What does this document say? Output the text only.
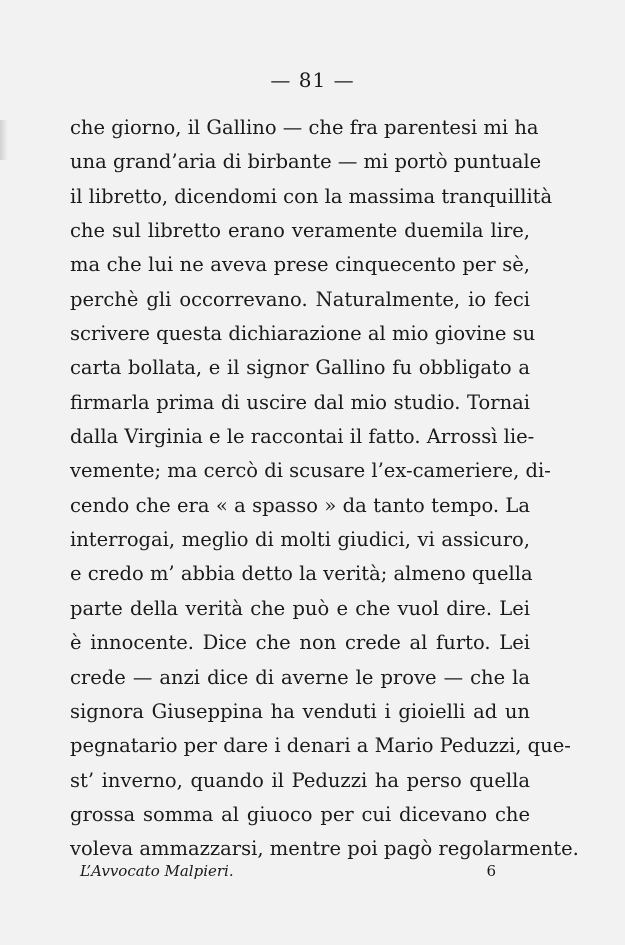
— 81 —
che giorno, il Gallino — che fra parentesi mi ha
una grand’aria di birbante — mi portò puntuale
il libretto, dicendomi con la massima tranquillità
che sul libretto erano veramente duemila lire,
ma che lui ne aveva prese cinquecento per sè,
perchè gli occorrevano. Naturalmente, io feci
scrivere questa dichiarazione al mio giovine su
carta bollata, e il signor Gallino fu obbligato a
firmarla prima di uscire dal mio studio. Tornai
dalla Virginia e le raccontai il fatto. Arrossì lie-
vemente; ma cercò di scusare l’ex-cameriere, di-
cendo che era « a spasso » da tanto tempo. La
interrogai, meglio di molti giudici, vi assicuro,
e credo m’ abbia detto la verità; almeno quella
parte della verità che può e che vuol dire. Lei
è innocente. Dice che non crede al furto. Lei
crede — anzi dice di averne le prove — che la
signora Giuseppina ha venduti i gioielli ad un
pegnatario per dare i denari a Mario Peduzzi, que-
st’ inverno, quando il Peduzzi ha perso quella
grossa somma al giuoco per cui dicevano che
voleva ammazzarsi, mentre poi pagò regolarmente.
L’Avvocato Malpieri.	6
